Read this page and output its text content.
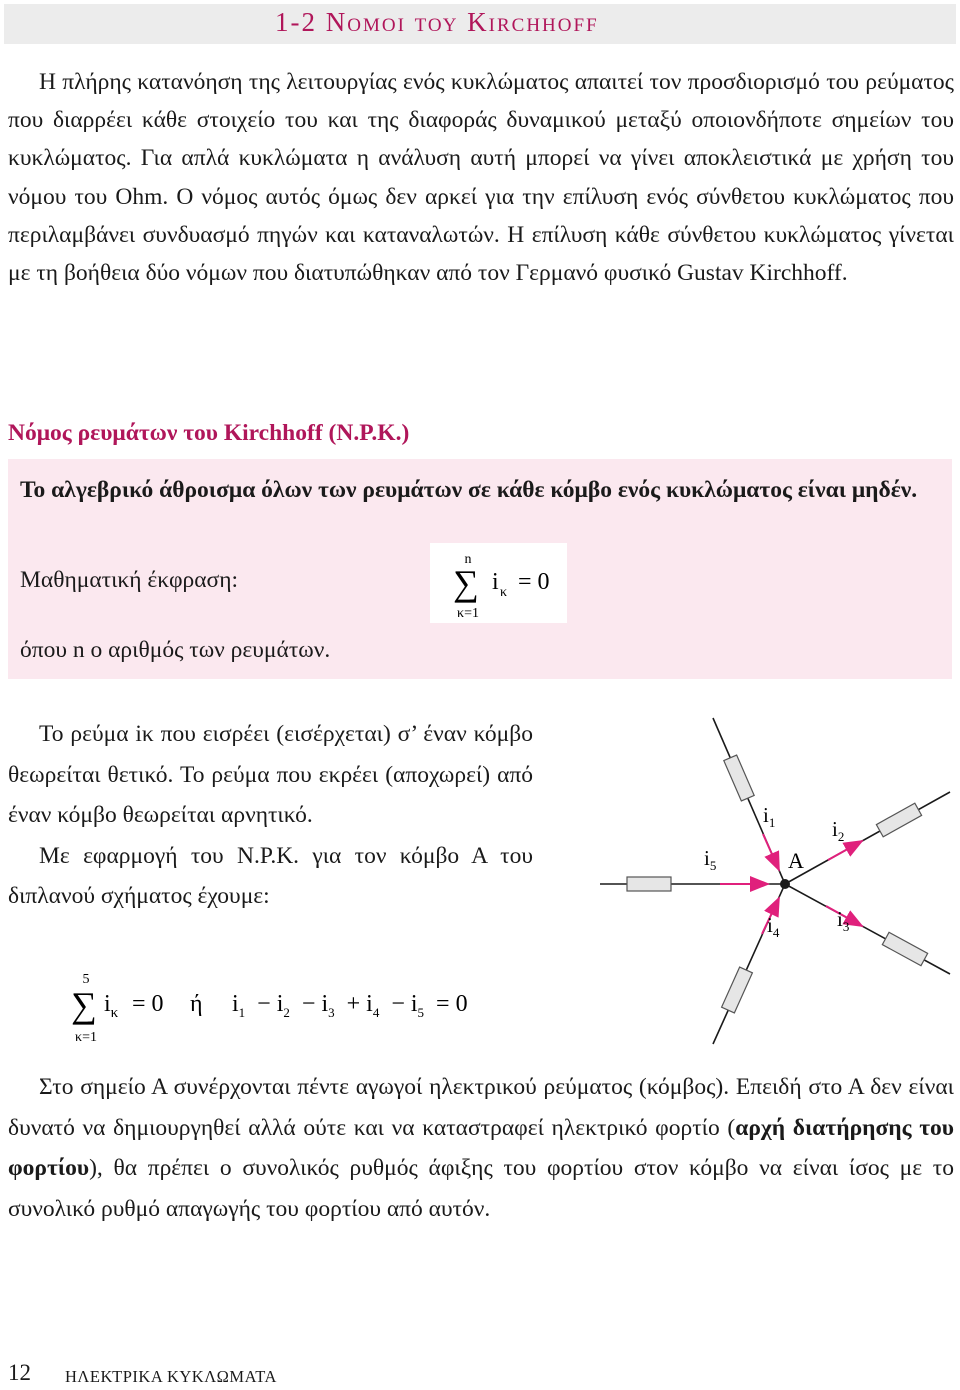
1-2 Νομοι του Kirchhoff

Η πλήρης κατανόηση της λειτουργίας ενός κυκλώματος απαιτεί τον προσδιορισμό του ρεύματος που διαρρέει κάθε στοιχείο του και της διαφοράς δυναμικού μεταξύ οποιονδήποτε σημείων του κυκλώματος. Για απλά κυκλώματα η ανάλυση αυτή μπορεί να γίνει αποκλειστικά με χρήση του νόμου του Ohm. Ο νόμος αυτός όμως δεν αρκεί για την επίλυση ενός σύνθετου κυκλώματος που περιλαμβάνει συνδυασμό πηγών και καταναλωτών. Η επίλυση κάθε σύνθετου κυκλώματος γίνεται με τη βοήθεια δύο νόμων που διατυπώθηκαν από τον Γερμανό φυσικό Gustav Kirchhoff.

Νόμος ρευμάτων του Kirchhoff (Ν.Ρ.Κ.)

Το αλγεβρικό άθροισμα όλων των ρευμάτων σε κάθε κόμβο ενός κυκλώματος είναι μηδέν.

Μαθηματική έκφραση:
n
∑
κ=1
i κ = 0
όπου n ο αριθμός των ρευμάτων.

Το ρεύμα iκ που εισρέει (εισέρχεται) σ’ έναν κόμβο θεωρείται θετικό. Το ρεύμα που εκρέει (αποχωρεί) από έναν κόμβο θεωρείται αρνητικό.

Με εφαρμογή του Ν.Ρ.Κ. για τον κόμβο Α του διπλανού σχήματος έχουμε:

A
$i_1$	$i_2$
$i_3$
$i_4$
$i_5$
5
∑
κ=1
$i_\kappa = 0$ ή $i_1 - i_2 - i_3 + i_4 - i_5 = 0$

Στο σημείο Α συνέρχονται πέντε αγωγοί ηλεκτρικού ρεύματος (κόμβος). Επειδή στο Α δεν είναι δυνατό να δημιουργηθεί αλλά ούτε και να καταστραφεί ηλεκτρικό φορτίο (αρχή διατήρησης του φορτίου), θα πρέπει ο συνολικός ρυθμός άφιξης του φορτίου στον κόμβο να είναι ίσος με το συνολικό ρυθμό απαγωγής του φορτίου από αυτόν.

12 ΗΛΕΚΤΡΙΚΑ ΚΥΚΛΩΜΑΤΑ
